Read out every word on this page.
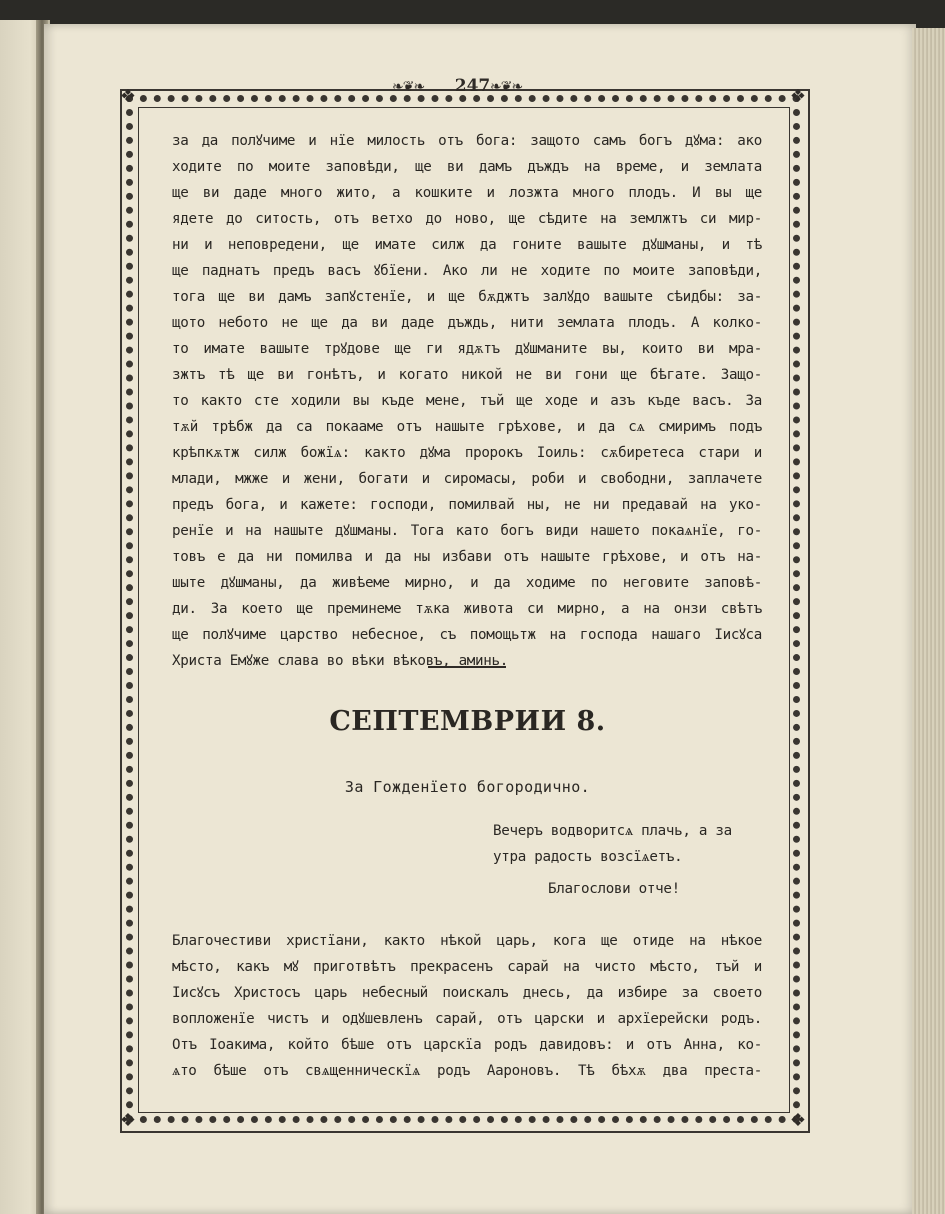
❖	❖
❖	❖
❧❦❧	247 ❧❦❧
за да полꙋчиме и нїе милость отъ бога: защото самъ богъ дꙋма: ако
ходите по моите заповѣди, ще ви дамъ дъждъ на време, и землата
ще ви даде много жито, а кошките и лозжта много плодъ. И вы ще
ядете до ситость, отъ ветхо до ново, ще сѣдите на землжтъ си мир-
ни и неповредени, ще имате силж да гоните вашыте дꙋшманы, и тѣ
ще паднатъ предъ васъ ꙋбїени. Ако ли не ходите по моите заповѣди,
тога ще ви дамъ запꙋстенїе, и ще бѫджтъ залꙋдо вашыте сѣидбы: за-
щото небото не ще да ви даде дъждь, нити землата плодъ. А колко-
то имате вашыте трꙋдове ще ги ядѫтъ дꙋшманите вы, които ви мра-
зжтъ тѣ ще ви гонѣтъ, и когато никой не ви гони ще бѣгате. Защо-
то както сте ходили вы къде мене, тъй ще ходе и азъ къде васъ. За
тѫй трѣбж да са покаамe отъ нашыте грѣхове, и да сѧ смиримъ подъ
крѣпкѫтж силж божїѧ: както дꙋма пророкъ Іоиль: сѫбиретеса стари и
млади, мжже и жени, богати и сиромасы, роби и свободни, заплачете
предъ бога, и кажете: господи, помилвай ны, не ни предавай на уко-
ренїе и на нашыте дꙋшманы. Тога като богъ види нашето покаѧнїе, го-
товъ е да ни помилва и да ны избави отъ нашыте грѣхове, и отъ на-
шыте дꙋшманы, да живѣеме мирно, и да ходиме по неговите заповѣ-
ди. За което ще преминеме тѫка живота си мирно, а на онзи свѣтъ
ще полꙋчиме царство небесное, съ помощьтж на господа нашаго Іисꙋса
Христа Емꙋже слава во вѣки вѣковъ, аминь.
СЕПТЕМВРИИ 8.
За Гожденїето богородично.
Вечеръ водворитсѧ плачь, а за
утра радость возсїѧетъ.
Благослови отче!
Благочестиви христїани, както нѣкой царь, кога ще отиде на нѣкое
мѣсто, какъ мꙋ приготвѣтъ прекрасенъ сарай на чисто мѣсто, тъй и
Іисꙋсъ Христосъ царь небесный поискалъ днесь, да избире за своето
вопложенїе чистъ и одꙋшевленъ сарай, отъ царски и архїерейски родъ.
Отъ Іоакима, който бѣше отъ царскїа родъ давидовъ: и отъ Анна, ко-
ѧто бѣше отъ свѧщенническїѧ родъ Аароновъ. Тѣ бѣхѫ два преста-
